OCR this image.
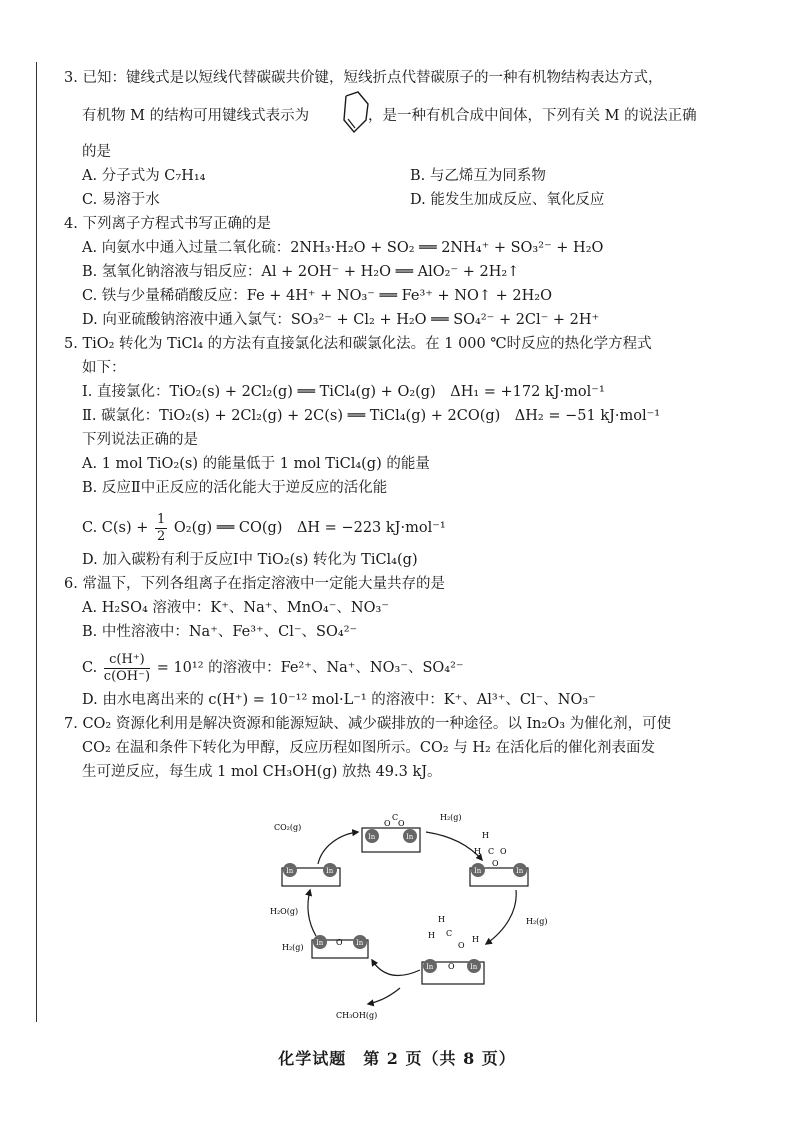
3. 已知：键线式是以短线代替碳碳共价键，短线折点代替碳原子的一种有机物结构表达方式，
有机物 M 的结构可用键线式表示为	，是一种有机合成中间体，下列有关 M 的说法正确
的是
A. 分子式为 C₇H₁₄	B. 与乙烯互为同系物
C. 易溶于水	D. 能发生加成反应、氧化反应
4. 下列离子方程式书写正确的是
A. 向氨水中通入过量二氧化硫：2NH₃·H₂O + SO₂ ══ 2NH₄⁺ + SO₃²⁻ + H₂O
B. 氢氧化钠溶液与铝反应：Al + 2OH⁻ + H₂O ══ AlO₂⁻ + 2H₂↑
C. 铁与少量稀硝酸反应：Fe + 4H⁺ + NO₃⁻ ══ Fe³⁺ + NO↑ + 2H₂O
D. 向亚硫酸钠溶液中通入氯气：SO₃²⁻ + Cl₂ + H₂O ══ SO₄²⁻ + 2Cl⁻ + 2H⁺
5. TiO₂ 转化为 TiCl₄ 的方法有直接氯化法和碳氯化法。在 1 000 ℃时反应的热化学方程式
如下：
Ⅰ. 直接氯化：TiO₂(s) + 2Cl₂(g) ══ TiCl₄(g) + O₂(g)　ΔH₁ = +172 kJ·mol⁻¹
Ⅱ. 碳氯化：TiO₂(s) + 2Cl₂(g) + 2C(s) ══ TiCl₄(g) + 2CO(g)　ΔH₂ = −51 kJ·mol⁻¹
下列说法正确的是
A. 1 mol TiO₂(s) 的能量低于 1 mol TiCl₄(g) 的能量
B. 反应Ⅱ中正反应的活化能大于逆反应的活化能
C. $C(s) + \frac{1}{2} O_2(g)$ ══ CO(g)　ΔH = −223 kJ·mol⁻¹
D. 加入碳粉有利于反应Ⅰ中 TiO₂(s) 转化为 TiCl₄(g)
6. 常温下，下列各组离子在指定溶液中一定能大量共存的是
A. H₂SO₄ 溶液中：K⁺、Na⁺、MnO₄⁻、NO₃⁻
B. 中性溶液中：Na⁺、Fe³⁺、Cl⁻、SO₄²⁻
C. $\frac{c(H^+)}{c(OH^-)} = 10^{12}$ 的溶液中：Fe²⁺、Na⁺、NO₃⁻、SO₄²⁻
D. 由水电离出来的 c(H⁺) = 10⁻¹² mol·L⁻¹ 的溶液中：K⁺、Al³⁺、Cl⁻、NO₃⁻
7. CO₂ 资源化利用是解决资源和能源短缺、减少碳排放的一种途径。以 In₂O₃ 为催化剂，可使
CO₂ 在温和条件下转化为甲醇，反应历程如图所示。CO₂ 与 H₂ 在活化后的催化剂表面发
生可逆反应，每生成 1 mol CH₃OH(g) 放热 49.3 kJ。
In	In
O
C
O
In	In	In	In
H
H C O
O
In	In
O
In	In
O
H
H C
O
H
CO₂(g)
H₂(g)
H₂(g)
H₂O(g)
H₂(g)
CH₃OH(g)
化学试题　第 2 页（共 8 页）
